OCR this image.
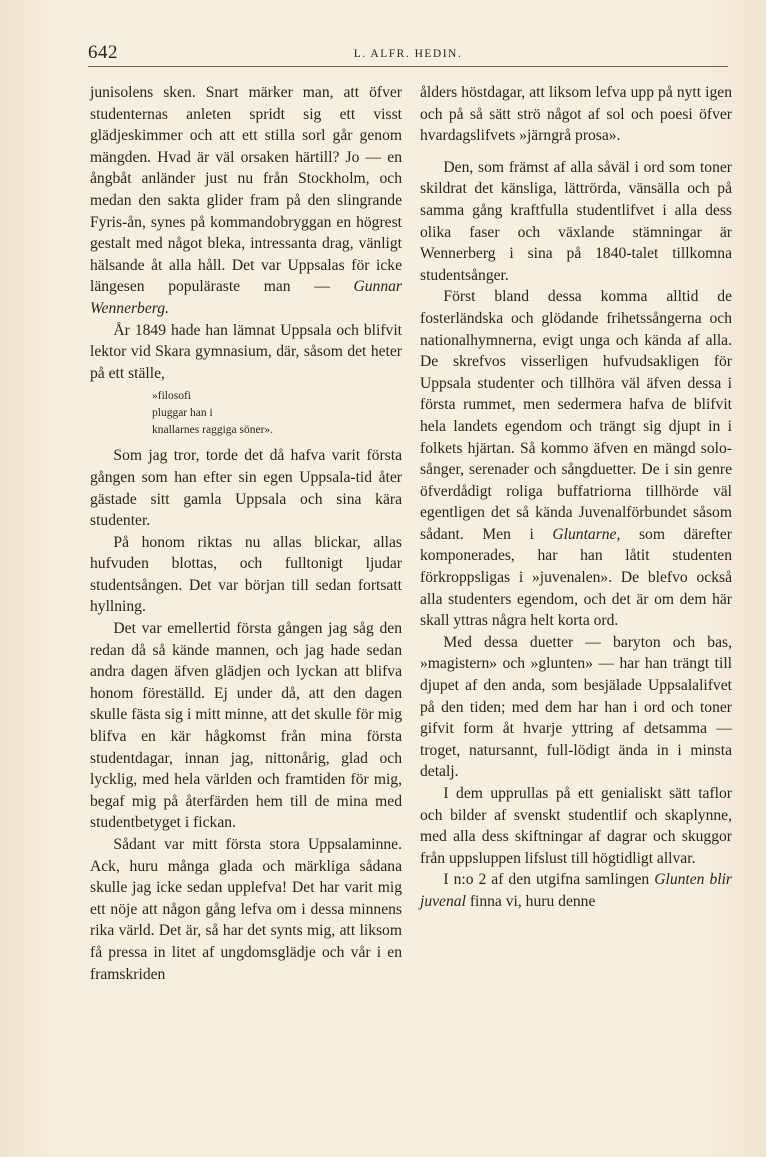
642	L. ALFR. HEDIN.

junisolens sken. Snart märker man, att öfver studenternas anleten spridt sig ett visst glädjeskimmer och att ett stilla sorl går genom mängden. Hvad är väl orsaken härtill? Jo — en ångbåt anländer just nu från Stockholm, och medan den sakta glider fram på den slingrande Fyris-ån, synes på kommandobryggan en högrest gestalt med något bleka, intressanta drag, vänligt hälsande åt alla håll. Det var Uppsalas för icke längesen populäraste man — Gunnar Wennerberg.

År 1849 hade han lämnat Uppsala och blifvit lektor vid Skara gymnasium, där, såsom det heter på ett ställe,

»filosofi
pluggar han i
knallarnes raggiga söner».

Som jag tror, torde det då hafva varit första gången som han efter sin egen Uppsala-tid åter gästade sitt gamla Uppsala och sina kära studenter.

På honom riktas nu allas blickar, allas hufvuden blottas, och fulltonigt ljudar studentsången. Det var början till sedan fortsatt hyllning.

Det var emellertid första gången jag såg den redan då så kände mannen, och jag hade sedan andra dagen äfven glädjen och lyckan att blifva honom föreställd. Ej under då, att den dagen skulle fästa sig i mitt minne, att det skulle för mig blifva en kär hågkomst från mina första studentdagar, innan jag, nittonårig, glad och lycklig, med hela världen och framtiden för mig, begaf mig på återfärden hem till de mina med studentbetyget i fickan.

Sådant var mitt första stora Uppsalaminne. Ack, huru många glada och märkliga sådana skulle jag icke sedan upplefva! Det har varit mig ett nöje att någon gång lefva om i dessa minnens rika värld. Det är, så har det synts mig, att liksom få pressa in litet af ungdomsglädje och vår i en framskriden

ålders höstdagar, att liksom lefva upp på nytt igen och på så sätt strö något af sol och poesi öfver hvardagslifvets »järngrå prosa».

Den, som främst af alla såväl i ord som toner skildrat det känsliga, lättrörda, vänsälla och på samma gång kraftfulla studentlifvet i alla dess olika faser och växlande stämningar är Wennerberg i sina på 1840-talet tillkomna studentsånger.

Först bland dessa komma alltid de fosterländska och glödande frihetssångerna och nationalhymnerna, evigt unga och kända af alla. De skrefvos visserligen hufvudsakligen för Uppsala studenter och tillhöra väl äfven dessa i första rummet, men sedermera hafva de blifvit hela landets egendom och trängt sig djupt in i folkets hjärtan. Så kommo äfven en mängd solo-sånger, serenader och sångduetter. De i sin genre öfverdådigt roliga buffatriorna tillhörde väl egentligen det så kända Juvenalförbundet såsom sådant. Men i Gluntarne, som därefter komponerades, har han låtit studenten förkroppsligas i »juvenalen». De blefvo också alla studenters egendom, och det är om dem här skall yttras några helt korta ord.

Med dessa duetter — baryton och bas, »magistern» och »glunten» — har han trängt till djupet af den anda, som besjälade Uppsalalifvet på den tiden; med dem har han i ord och toner gifvit form åt hvarje yttring af detsamma — troget, natursannt, full-lödigt ända in i minsta detalj.

I dem upprullas på ett genialiskt sätt taflor och bilder af svenskt studentlif och skaplynne, med alla dess skiftningar af dagrar och skuggor från uppsluppen lifslust till högtidligt allvar.

I n:o 2 af den utgifna samlingen Glunten blir juvenal finna vi, huru denne
